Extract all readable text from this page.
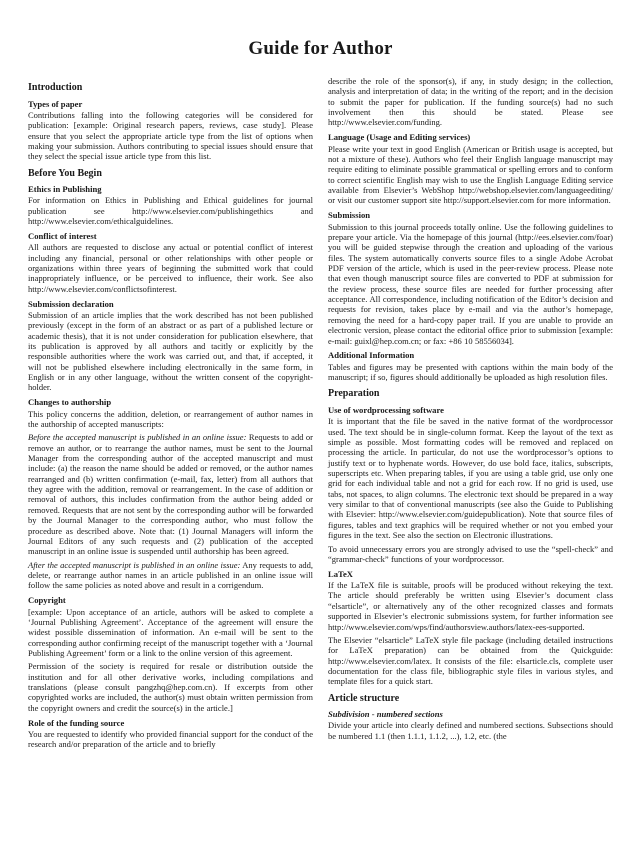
Guide for Author
Introduction
Types of paper
Contributions falling into the following categories will be considered for publication: [example: Original research papers, reviews, case study]. Please ensure that you select the appropriate article type from the list of options when making your submission. Authors contributing to special issues should ensure that they select the special issue article type from this list.
Before You Begin
Ethics in Publishing
For information on Ethics in Publishing and Ethical guidelines for journal publication see http://www.elsevier.com/publishingethics and http://www.elsevier.com/ethicalguidelines.
Conflict of interest
All authors are requested to disclose any actual or potential conflict of interest including any financial, personal or other relationships with other people or organizations within three years of beginning the submitted work that could inappropriately influence, or be perceived to influence, their work. See also http://www.elsevier.com/conflictsofinterest.
Submission declaration
Submission of an article implies that the work described has not been published previously (except in the form of an abstract or as part of a published lecture or academic thesis), that it is not under consideration for publication elsewhere, that its publication is approved by all authors and tacitly or explicitly by the responsible authorities where the work was carried out, and that, if accepted, it will not be published elsewhere including electronically in the same form, in English or in any other language, without the written consent of the copyright-holder.
Changes to authorship
This policy concerns the addition, deletion, or rearrangement of author names in the authorship of accepted manuscripts:
Before the accepted manuscript is published in an online issue: Requests to add or remove an author, or to rearrange the author names, must be sent to the Journal Manager from the corresponding author of the accepted manuscript and must include: (a) the reason the name should be added or removed, or the author names rearranged and (b) written confirmation (e-mail, fax, letter) from all authors that they agree with the addition, removal or rearrangement. In the case of addition or removal of authors, this includes confirmation from the author being added or removed. Requests that are not sent by the corresponding author will be forwarded by the Journal Manager to the corresponding author, who must follow the procedure as described above. Note that: (1) Journal Managers will inform the Journal Editors of any such requests and (2) publication of the accepted manuscript in an online issue is suspended until authorship has been agreed.
After the accepted manuscript is published in an online issue: Any requests to add, delete, or rearrange author names in an article published in an online issue will follow the same policies as noted above and result in a corrigendum.
Copyright
[example: Upon acceptance of an article, authors will be asked to complete a ‘Journal Publishing Agreement’. Acceptance of the agreement will ensure the widest possible dissemination of information. An e-mail will be sent to the corresponding author confirming receipt of the manuscript together with a ‘Journal Publishing Agreement’ form or a link to the online version of this agreement.
Permission of the society is required for resale or distribution outside the institution and for all other derivative works, including compilations and translations (please consult pangzhq@hep.com.cn). If excerpts from other copyrighted works are included, the author(s) must obtain written permission from the copyright owners and credit the source(s) in the article.]
Role of the funding source
You are requested to identify who provided financial support for the conduct of the research and/or preparation of the article and to briefly
describe the role of the sponsor(s), if any, in study design; in the collection, analysis and interpretation of data; in the writing of the report; and in the decision to submit the paper for publication. If the funding source(s) had no such involvement then this should be stated. Please see http://www.elsevier.com/funding.
Language (Usage and Editing services)
Please write your text in good English (American or British usage is accepted, but not a mixture of these). Authors who feel their English language manuscript may require editing to eliminate possible grammatical or spelling errors and to conform to correct scientific English may wish to use the English Language Editing service available from Elsevier’s WebShop http://webshop.elsevier.com/languageediting/ or visit our customer support site http://support.elsevier.com for more information.
Submission
Submission to this journal proceeds totally online. Use the following guidelines to prepare your article. Via the homepage of this journal (http://ees.elsevier.com/foar) you will be guided stepwise through the creation and uploading of the various files. The system automatically converts source files to a single Adobe Acrobat PDF version of the article, which is used in the peer-review process. Please note that even though manuscript source files are converted to PDF at submission for the review process, these source files are needed for further processing after acceptance. All correspondence, including notification of the Editor’s decision and requests for revision, takes place by e-mail and via the author’s homepage, removing the need for a hard-copy paper trail. If you are unable to provide an electronic version, please contact the editorial office prior to submission [example: e-mail: guixl@hep.com.cn; or fax: +86 10 58556034].
Additional Information
Tables and figures may be presented with captions within the main body of the manuscript; if so, figures should additionally be uploaded as high resolution files.
Preparation
Use of wordprocessing software
It is important that the file be saved in the native format of the wordprocessor used. The text should be in single-column format. Keep the layout of the text as simple as possible. Most formatting codes will be removed and replaced on processing the article. In particular, do not use the wordprocessor’s options to justify text or to hyphenate words. However, do use bold face, italics, subscripts, superscripts etc. When preparing tables, if you are using a table grid, use only one grid for each individual table and not a grid for each row. If no grid is used, use tabs, not spaces, to align columns. The electronic text should be prepared in a way very similar to that of conventional manuscripts (see also the Guide to Publishing with Elsevier: http://www.elsevier.com/guidepublication). Note that source files of figures, tables and text graphics will be required whether or not you embed your figures in the text. See also the section on Electronic illustrations.
To avoid unnecessary errors you are strongly advised to use the “spell-check” and “grammar-check” functions of your wordprocessor.
LaTeX
If the LaTeX file is suitable, proofs will be produced without rekeying the text. The article should preferably be written using Elsevier’s document class “elsarticle”, or alternatively any of the other recognized classes and formats supported in Elsevier’s electronic submissions system, for further information see http://www.elsevier.com/wps/find/authorsview.authors/latex-ees-supported.
The Elsevier “elsarticle” LaTeX style file package (including detailed instructions for LaTeX preparation) can be obtained from the Quickguide: http://www.elsevier.com/latex. It consists of the file: elsarticle.cls, complete user documentation for the class file, bibliographic style files in various styles, and template files for a quick start.
Article structure
Subdivision - numbered sections
Divide your article into clearly defined and numbered sections. Subsections should be numbered 1.1 (then 1.1.1, 1.1.2, ...), 1.2, etc. (the
